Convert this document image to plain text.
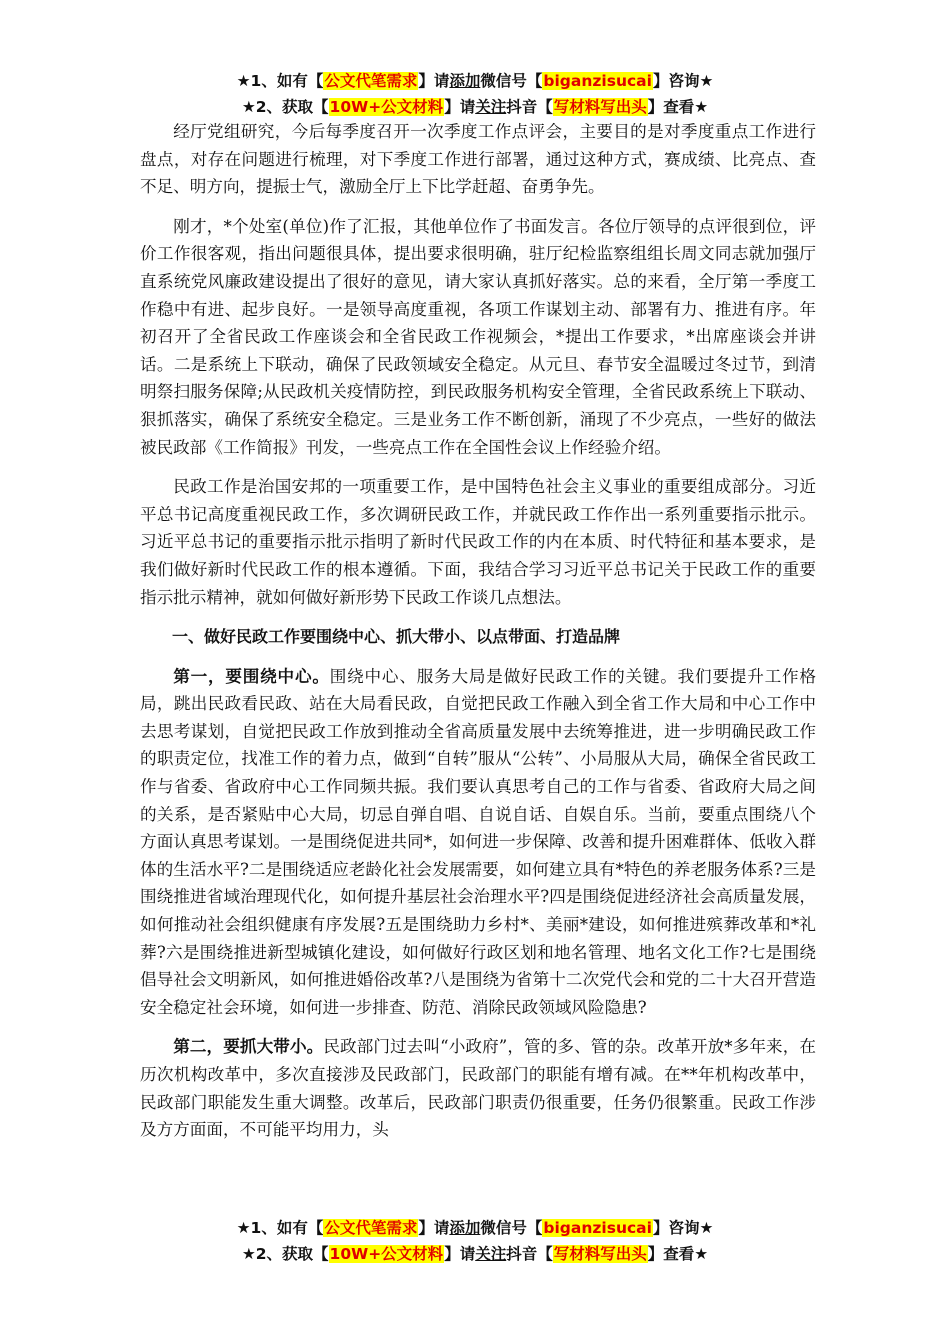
★1、如有【公文代笔需求】请添加微信号【biganzisucai】咨询★
★2、获取【10W+公文材料】请关注抖音【写材料写出头】查看★

经厅党组研究，今后每季度召开一次季度工作点评会，主要目的是对季度重点工作进行盘点，对存在问题进行梳理，对下季度工作进行部署，通过这种方式，赛成绩、比亮点、查不足、明方向，提振士气，激励全厅上下比学赶超、奋勇争先。

刚才，*个处室(单位)作了汇报，其他单位作了书面发言。各位厅领导的点评很到位，评价工作很客观，指出问题很具体，提出要求很明确，驻厅纪检监察组组长周文同志就加强厅直系统党风廉政建设提出了很好的意见，请大家认真抓好落实。总的来看，全厅第一季度工作稳中有进、起步良好。一是领导高度重视，各项工作谋划主动、部署有力、推进有序。年初召开了全省民政工作座谈会和全省民政工作视频会，*提出工作要求，*出席座谈会并讲话。二是系统上下联动，确保了民政领域安全稳定。从元旦、春节安全温暖过冬过节，到清明祭扫服务保障;从民政机关疫情防控，到民政服务机构安全管理，全省民政系统上下联动、狠抓落实，确保了系统安全稳定。三是业务工作不断创新，涌现了不少亮点，一些好的做法被民政部《工作简报》刊发，一些亮点工作在全国性会议上作经验介绍。

民政工作是治国安邦的一项重要工作，是中国特色社会主义事业的重要组成部分。习近平总书记高度重视民政工作，多次调研民政工作，并就民政工作作出一系列重要指示批示。习近平总书记的重要指示批示指明了新时代民政工作的内在本质、时代特征和基本要求，是我们做好新时代民政工作的根本遵循。下面，我结合学习习近平总书记关于民政工作的重要指示批示精神，就如何做好新形势下民政工作谈几点想法。

一、做好民政工作要围绕中心、抓大带小、以点带面、打造品牌

第一，要围绕中心。围绕中心、服务大局是做好民政工作的关键。我们要提升工作格局，跳出民政看民政、站在大局看民政，自觉把民政工作融入到全省工作大局和中心工作中去思考谋划，自觉把民政工作放到推动全省高质量发展中去统筹推进，进一步明确民政工作的职责定位，找准工作的着力点，做到“自转”服从“公转”、小局服从大局，确保全省民政工作与省委、省政府中心工作同频共振。我们要认真思考自己的工作与省委、省政府大局之间的关系，是否紧贴中心大局，切忌自弹自唱、自说自话、自娱自乐。当前，要重点围绕八个方面认真思考谋划。一是围绕促进共同*，如何进一步保障、改善和提升困难群体、低收入群体的生活水平?二是围绕适应老龄化社会发展需要，如何建立具有*特色的养老服务体系?三是围绕推进省域治理现代化，如何提升基层社会治理水平?四是围绕促进经济社会高质量发展，如何推动社会组织健康有序发展?五是围绕助力乡村*、美丽*建设，如何推进殡葬改革和*礼葬?六是围绕推进新型城镇化建设，如何做好行政区划和地名管理、地名文化工作?七是围绕倡导社会文明新风，如何推进婚俗改革?八是围绕为省第十二次党代会和党的二十大召开营造安全稳定社会环境，如何进一步排查、防范、消除民政领域风险隐患?

第二，要抓大带小。民政部门过去叫“小政府”，管的多、管的杂。改革开放*多年来，在历次机构改革中，多次直接涉及民政部门，民政部门的职能有增有减。在**年机构改革中，民政部门职能发生重大调整。改革后，民政部门职责仍很重要，任务仍很繁重。民政工作涉及方方面面，不可能平均用力，头

★1、如有【公文代笔需求】请添加微信号【biganzisucai】咨询★
★2、获取【10W+公文材料】请关注抖音【写材料写出头】查看★
